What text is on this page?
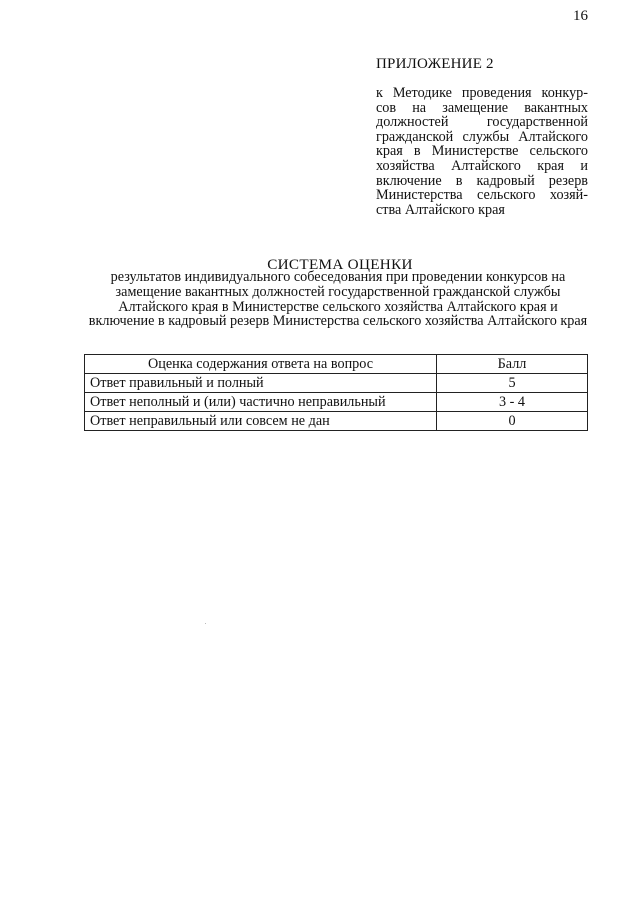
16
ПРИЛОЖЕНИЕ 2
к Методике проведения конкур-сов на замещение вакантных должностей государственной гражданской службы Алтайского края в Министерстве сельского хозяйства Алтайского края и включение в кадровый резерв Министерства сельского хозяй-ства Алтайского края
СИСТЕМА ОЦЕНКИ
результатов индивидуального собеседования при проведении конкурсов на замещение вакантных должностей государственной гражданской службы Алтайского края в Министерстве сельского хозяйства Алтайского края и включение в кадровый резерв Министерства сельского хозяйства Алтайского края
Оценка содержания ответа на вопрос	Балл
Ответ правильный и полный	5
Ответ неполный и (или) частично неправильный	3 - 4
Ответ неправильный или совсем не дан	0
